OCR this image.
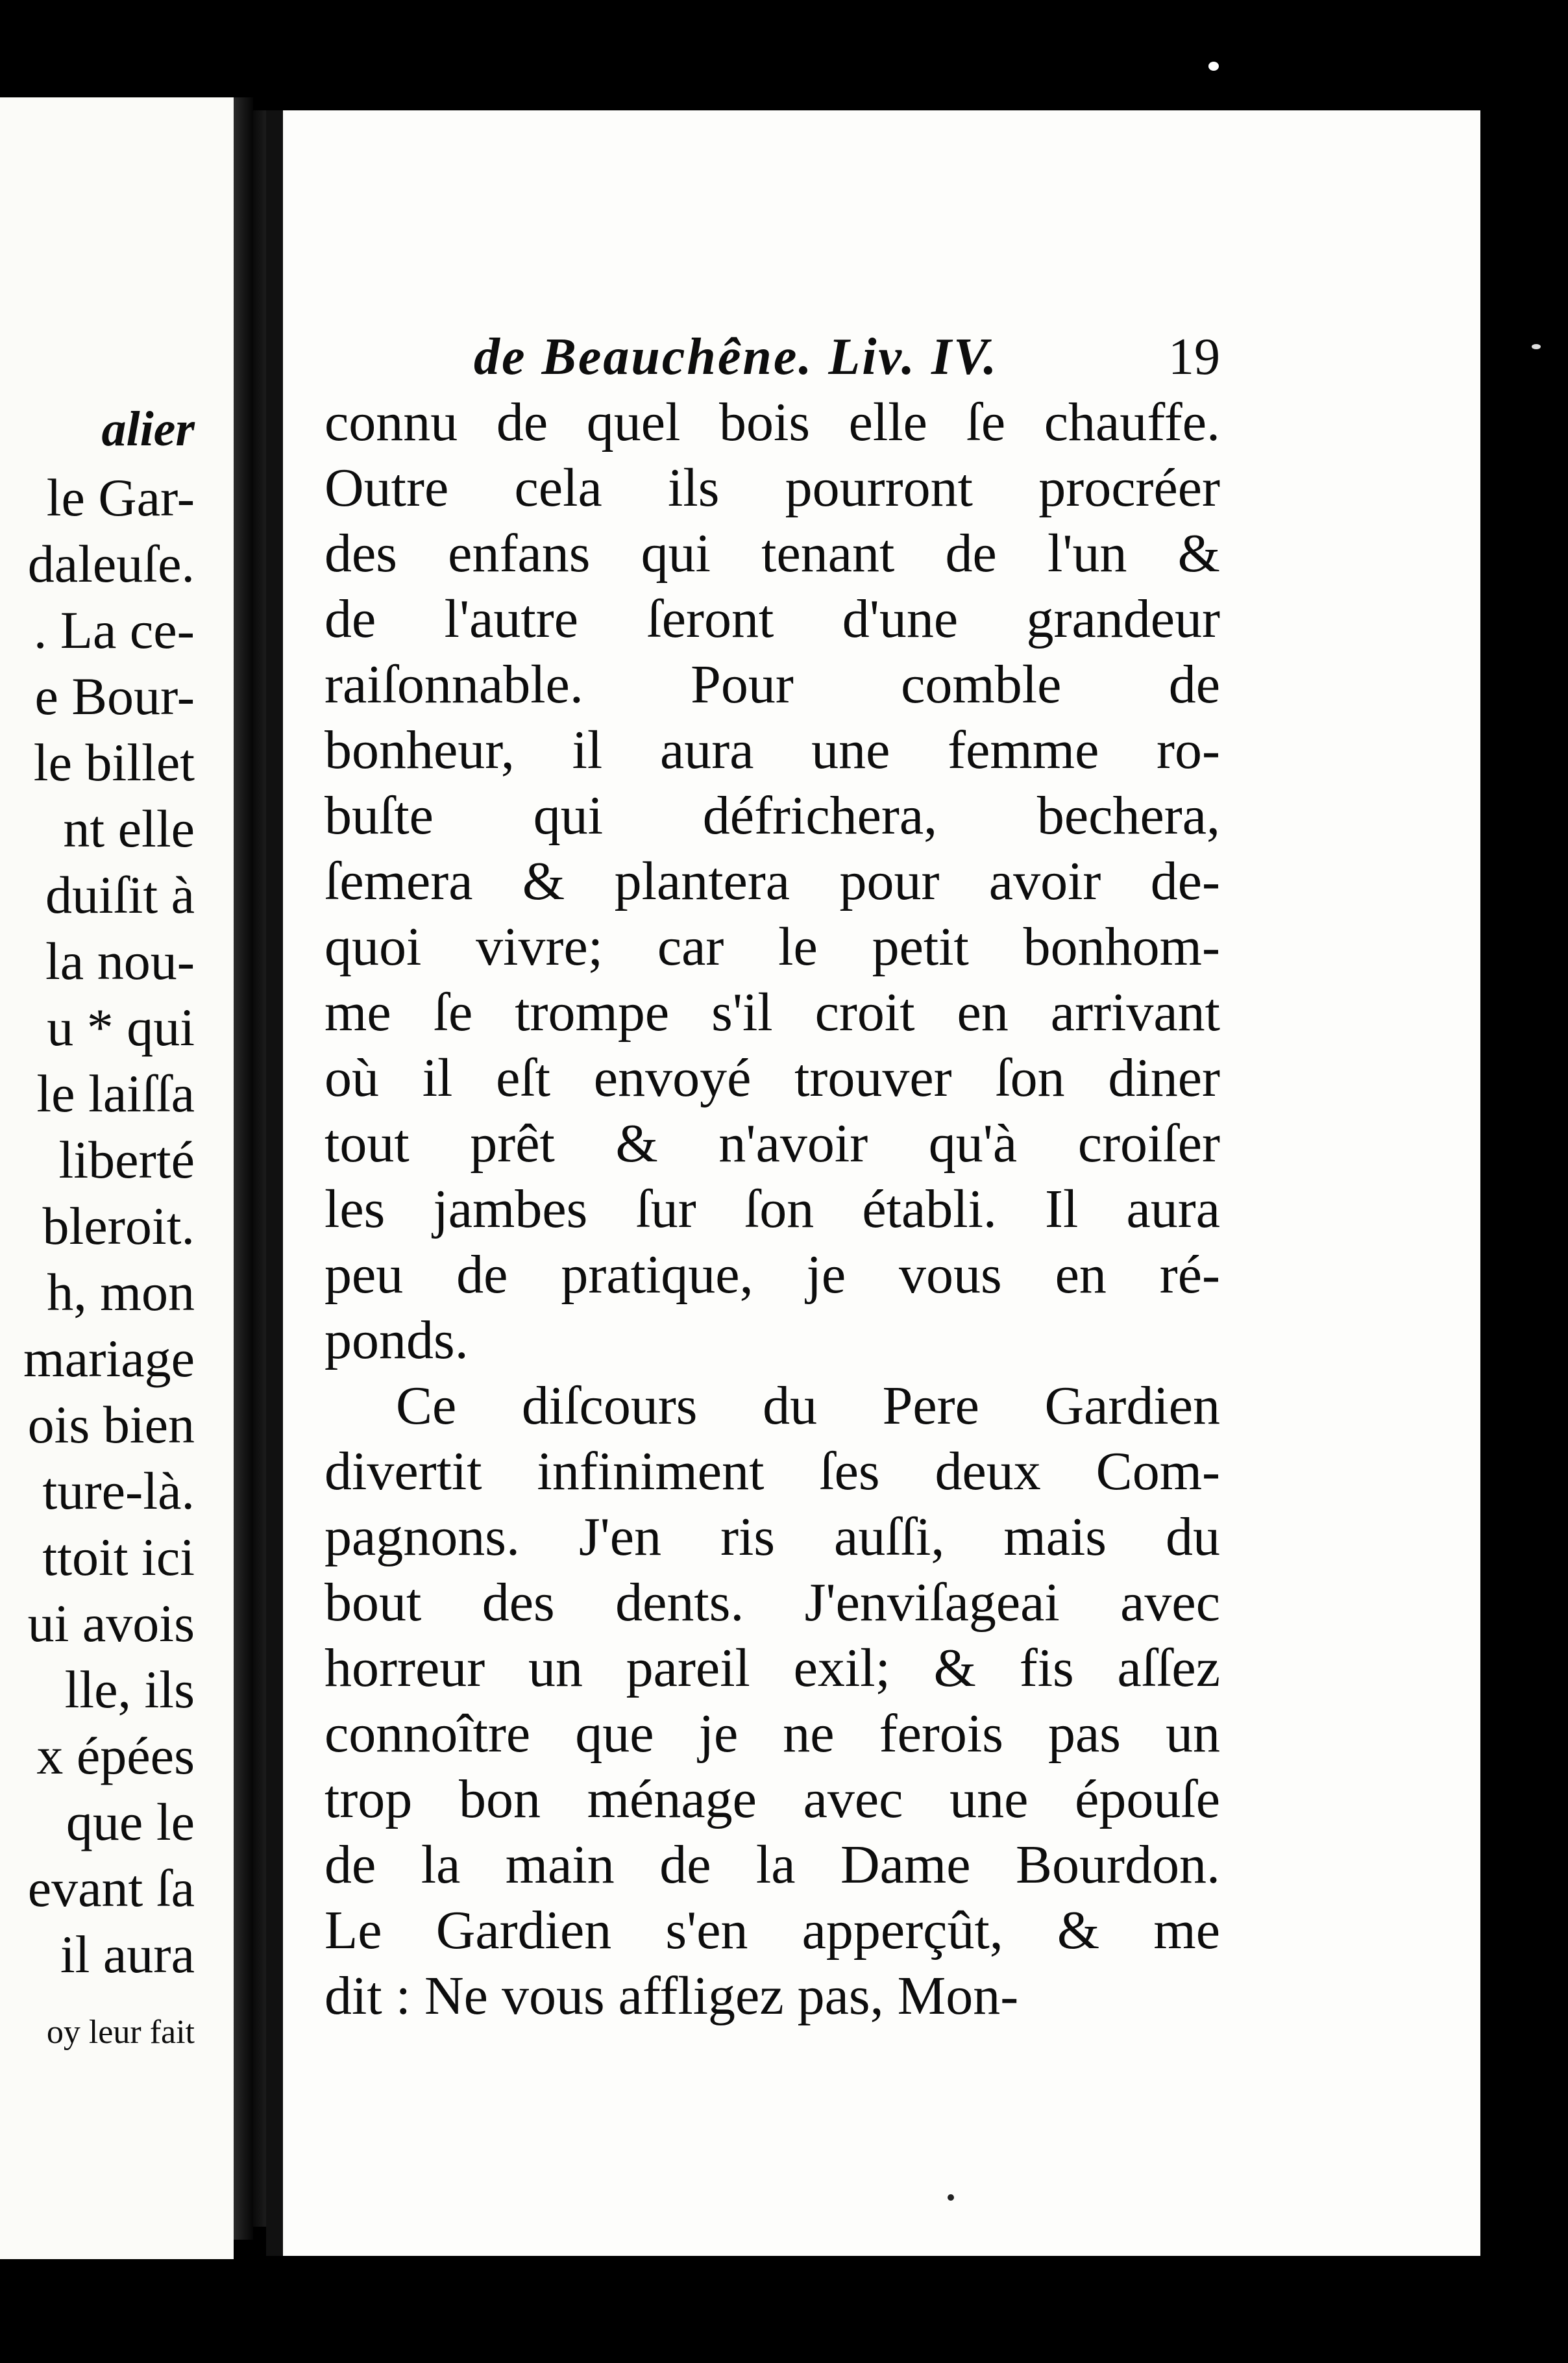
alier
le Gar-
daleuſe.
. La ce-
e Bour-
le billet
nt elle
duiſit à
la nou-
u * qui
le laiſſa
liberté
bleroit.
h, mon
mariage
ois bien
ture-là.
ttoit ici
ui avois
lle, ils
x épées
que le
evant ſa
il aura
oy leur fait
de Beauchêne. Liv. IV.	19
connu de quel bois elle ſe chauffe.
Outre cela ils pourront procréer
des enfans qui tenant de l'un &
de l'autre ſeront d'une grandeur
raiſonnable. Pour comble de
bonheur, il aura une femme ro-
buſte qui défrichera, bechera,
ſemera & plantera pour avoir de-
quoi vivre; car le petit bonhom-
me ſe trompe s'il croit en arrivant
où il eſt envoyé trouver ſon diner
tout prêt & n'avoir qu'à croiſer
les jambes ſur ſon établi. Il aura
peu de pratique, je vous en ré-
ponds.
Ce diſcours du Pere Gardien
divertit infiniment ſes deux Com-
pagnons. J'en ris auſſi, mais du
bout des dents. J'enviſageai avec
horreur un pareil exil; & fis aſſez
connoître que je ne ferois pas un
trop bon ménage avec une épouſe
de la main de la Dame Bourdon.
Le Gardien s'en apperçût, & me
dit : Ne vous affligez pas, Mon-
